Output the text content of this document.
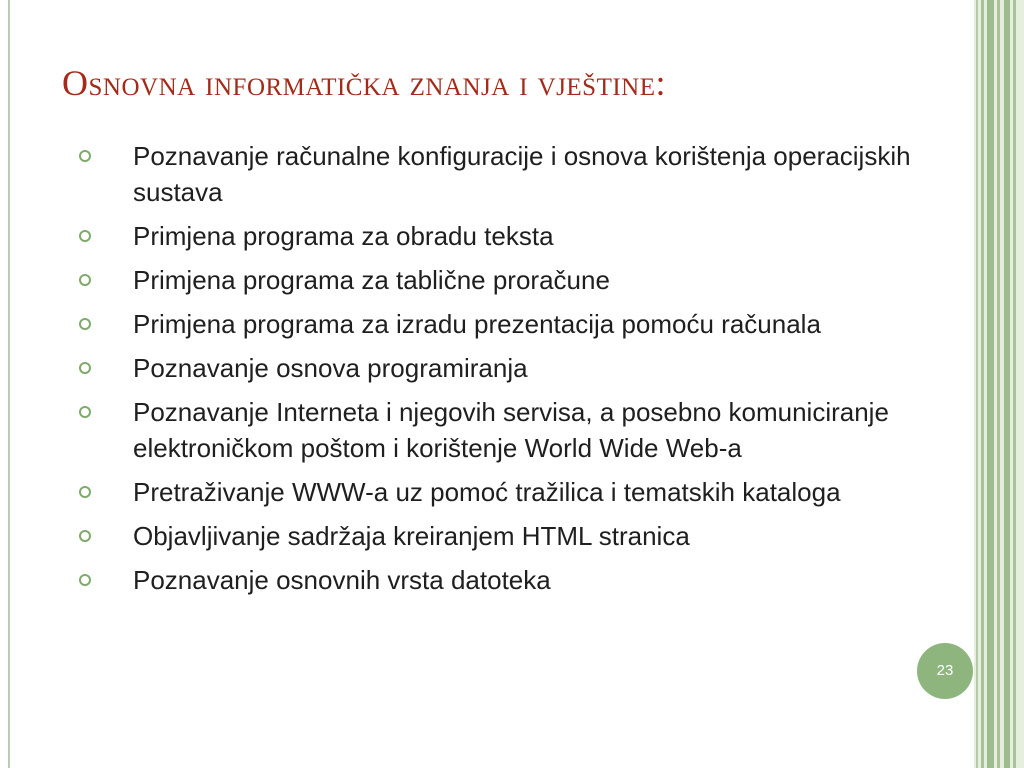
Osnovna informatička znanja i vještine:
Poznavanje računalne konfiguracije i osnova korištenja operacijskih sustava
Primjena programa za obradu teksta
Primjena programa za tablične proračune
Primjena programa za izradu prezentacija pomoću računala
Poznavanje osnova programiranja
Poznavanje Interneta i njegovih servisa, a posebno komuniciranje elektroničkom poštom i korištenje World Wide Web-a
Pretraživanje WWW-a uz pomoć tražilica i tematskih kataloga
Objavljivanje sadržaja kreiranjem HTML stranica
Poznavanje osnovnih vrsta datoteka
23
